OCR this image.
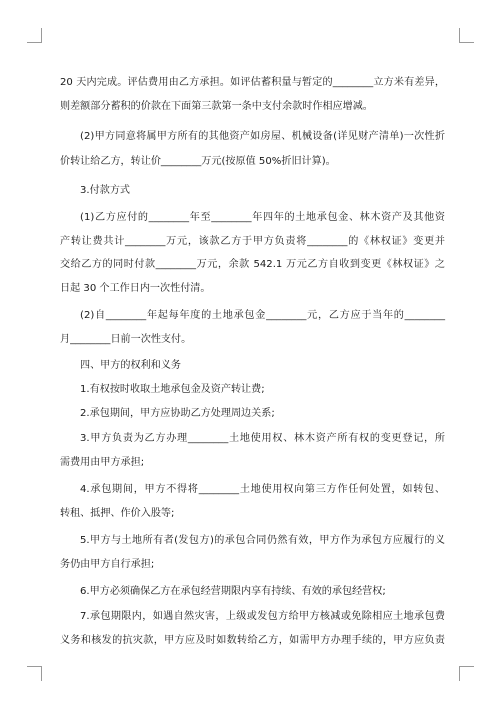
20 天内完成。评估费用由乙方承担。如评估蓄积量与暂定的________立方米有差异，

则差额部分蓄积的价款在下面第三款第一条中支付余款时作相应增减。

(2)甲方同意将属甲方所有的其他资产如房屋、机械设备(详见财产清单)一次性折

价转让给乙方，转让价________万元(按原值 50%折旧计算)。

3.付款方式

(1)乙方应付的________年至________年四年的土地承包金、林木资产及其他资

产转让费共计________万元，该款乙方于甲方负责将________的《林权证》变更并

交给乙方的同时付款________万元，余款 542.1 万元乙方自收到变更《林权证》之

日起 30 个工作日内一次性付清。

(2)自________年起每年度的土地承包金________元，乙方应于当年的________

月________日前一次性支付。

四、甲方的权利和义务

1.有权按时收取土地承包金及资产转让费;

2.承包期间，甲方应协助乙方处理周边关系;

3.甲方负责为乙方办理________土地使用权、林木资产所有权的变更登记，所

需费用由甲方承担;

4.承包期间，甲方不得将________土地使用权向第三方作任何处置，如转包、

转租、抵押、作价入股等;

5.甲方与土地所有者(发包方)的承包合同仍然有效，甲方作为承包方应履行的义

务仍由甲方自行承担;

6.甲方必须确保乙方在承包经营期限内享有持续、有效的承包经营权;

7.承包期限内，如遇自然灾害，上级或发包方给甲方核减或免除相应土地承包费

义务和核发的抗灾款，甲方应及时如数转给乙方，如需甲方办理手续的，甲方应负责
